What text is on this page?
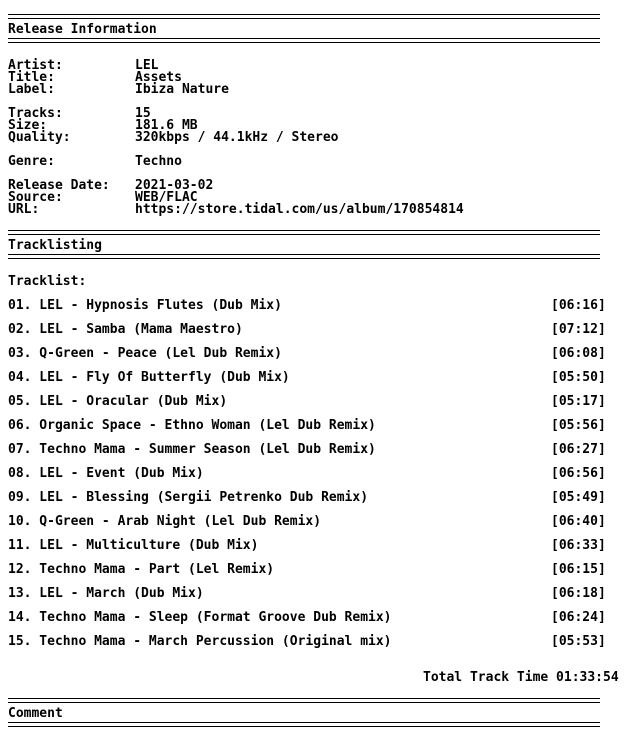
Release Information
Artist:	LEL
Title:	Assets
Label:	Ibiza Nature
Tracks:	15
Size:	181.6 MB
Quality:	320kbps / 44.1kHz / Stereo
Genre:	Techno
Release Date: 2021-03-02
Source:	WEB/FLAC
URL:	https://store.tidal.com/us/album/170854814
Tracklisting
Tracklist:
01. LEL - Hypnosis Flutes (Dub Mix)	[06:16]
02. LEL - Samba (Mama Maestro)	[07:12]
03. Q-Green - Peace (Lel Dub Remix)	[06:08]
04. LEL - Fly Of Butterfly (Dub Mix)	[05:50]
05. LEL - Oracular (Dub Mix)	[05:17]
06. Organic Space - Ethno Woman (Lel Dub Remix)	[05:56]
07. Techno Mama - Summer Season (Lel Dub Remix)	[06:27]
08. LEL - Event (Dub Mix)	[06:56]
09. LEL - Blessing (Sergii Petrenko Dub Remix)	[05:49]
10. Q-Green - Arab Night (Lel Dub Remix)	[06:40]
11. LEL - Multiculture (Dub Mix)	[06:33]
12. Techno Mama - Part (Lel Remix)	[06:15]
13. LEL - March (Dub Mix)	[06:18]
14. Techno Mama - Sleep (Format Groove Dub Remix)	[06:24]
15. Techno Mama - March Percussion (Original mix)	[05:53]
Total Track Time 01:33:54
Comment
